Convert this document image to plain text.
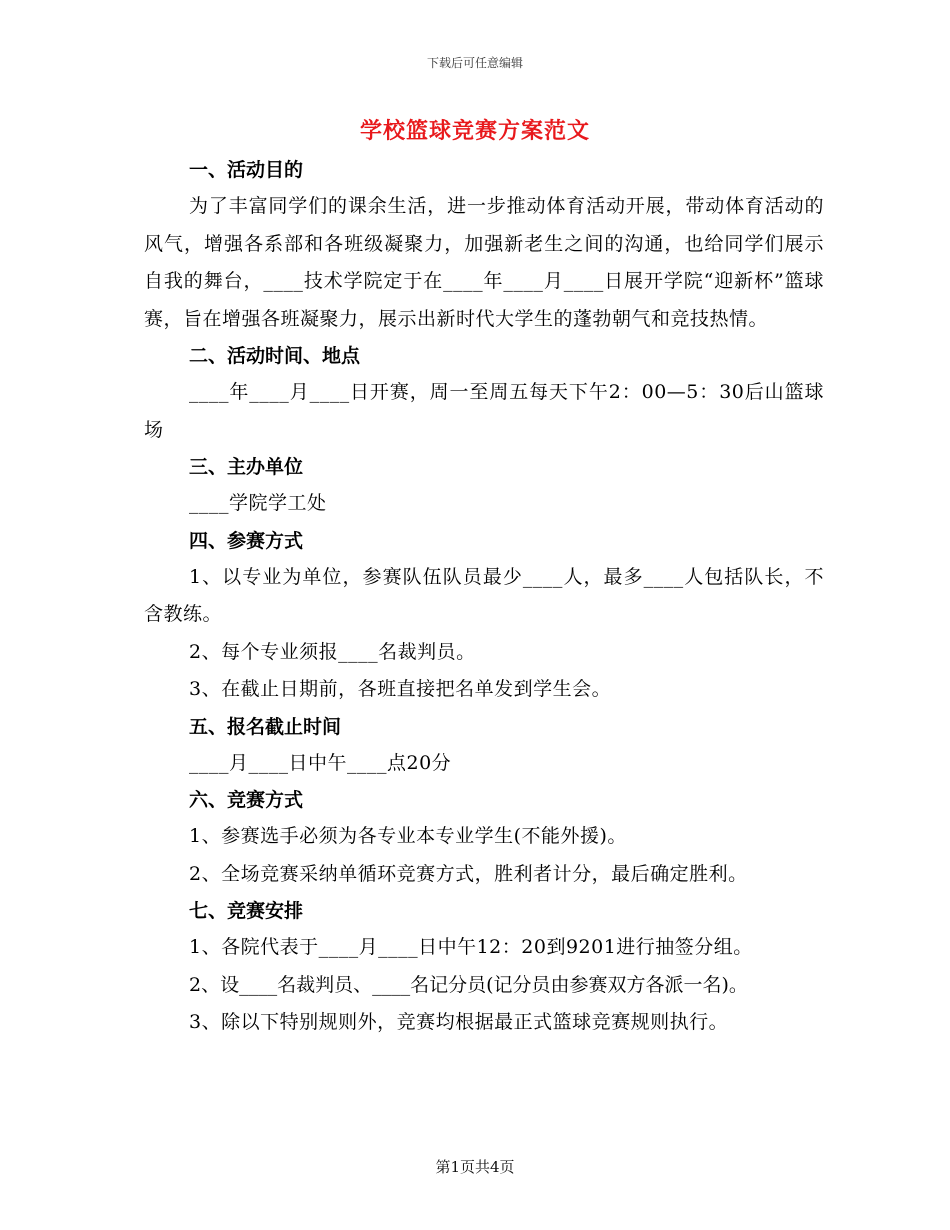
下载后可任意编辑
学校篮球竞赛方案范文
一、活动目的

为了丰富同学们的课余生活，进一步推动体育活动开展，带动体育活动的风气，增强各系部和各班级凝聚力，加强新老生之间的沟通，也给同学们展示自我的舞台，____技术学院定于在____年____月____日展开学院“迎新杯”篮球赛，旨在增强各班凝聚力，展示出新时代大学生的蓬勃朝气和竞技热情。

二、活动时间、地点

____年____月____日开赛，周一至周五每天下午2：00—5：30后山篮球场

三、主办单位

____学院学工处

四、参赛方式

1、以专业为单位，参赛队伍队员最少____人，最多____人包括队长，不含教练。

2、每个专业须报____名裁判员。

3、在截止日期前，各班直接把名单发到学生会。

五、报名截止时间

____月____日中午____点20分

六、竞赛方式

1、参赛选手必须为各专业本专业学生(不能外援)。

2、全场竞赛采纳单循环竞赛方式，胜利者计分，最后确定胜利。

七、竞赛安排

1、各院代表于____月____日中午12：20到9201进行抽签分组。

2、设____名裁判员、____名记分员(记分员由参赛双方各派一名)。

3、除以下特别规则外，竞赛均根据最正式篮球竞赛规则执行。

第1页共4页
